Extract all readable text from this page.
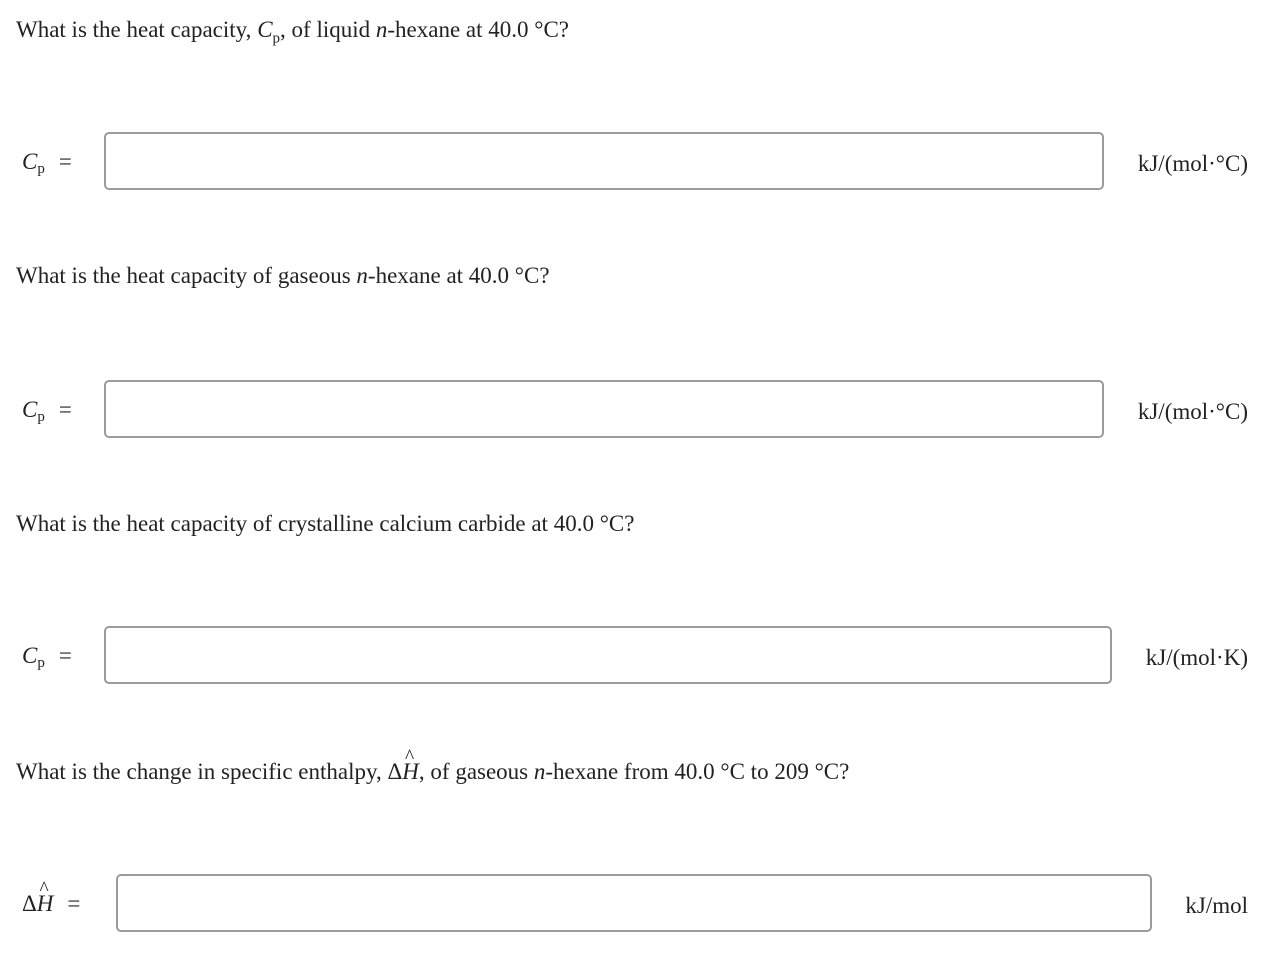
What is the heat capacity, $C_p$, of liquid n-hexane at 40.0 °C?
$C_p$ =	kJ/(mol·°C)
What is the heat capacity of gaseous n-hexane at 40.0 °C?
$C_p$ =	kJ/(mol·°C)
What is the heat capacity of crystalline calcium carbide at 40.0 °C?
$C_p$ =	kJ/(mol·K)
What is the change in specific enthalpy, Δ^ H, of gaseous n-hexane from 40.0 °C to 209 °C?
Δ^ H =	kJ/mol
